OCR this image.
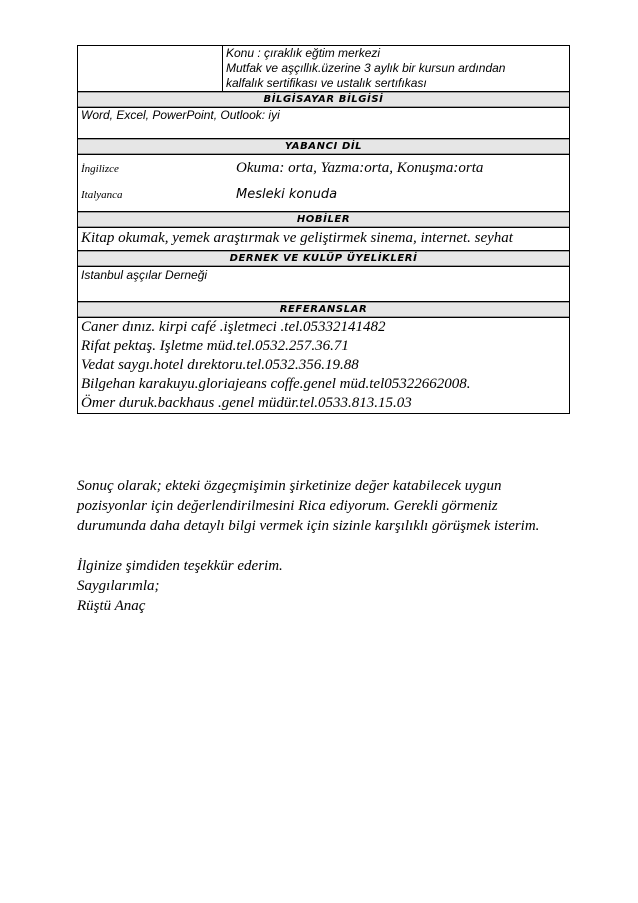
Konu : çıraklık eğtim merkezi
Mutfak ve aşçıllık.üzerine 3 aylık bir kursun ardından
kalfalık sertifikası ve ustalık sertıfıkası

BİLGİSAYAR BİLGİSİ
Word, Excel, PowerPoint, Outlook: iyi
YABANCI DİL

İngilizce	Okuma: orta, Yazma:orta, Konuşma:orta
Italyanca	Mesleki konuda

HOBİLER
Kitap okumak, yemek araştırmak ve geliştirmek sinema, internet. seyhat
DERNEK VE KULÜP ÜYELİKLERİ
Istanbul aşçılar Derneği
REFERANSLAR

Caner dınız. kirpi café .işletmeci .tel.05332141482
Rifat pektaş. Işletme müd.tel.0532.257.36.71
Vedat saygı.hotel dırektoru.tel.0532.356.19.88
Bilgehan karakuyu.gloriajeans coffe.genel müd.tel05322662008.
Ömer duruk.backhaus .genel müdür.tel.0533.813.15.03

Sonuç olarak; ekteki özgeçmişimin şirketinize değer katabilecek uygun

pozisyonlar için değerlendirilmesini Rica ediyorum. Gerekli görmeniz

durumunda daha detaylı bilgi vermek için sizinle karşılıklı görüşmek isterim.

İlginize şimdiden teşekkür ederim.

Saygılarımla;

Rüştü Anaç
